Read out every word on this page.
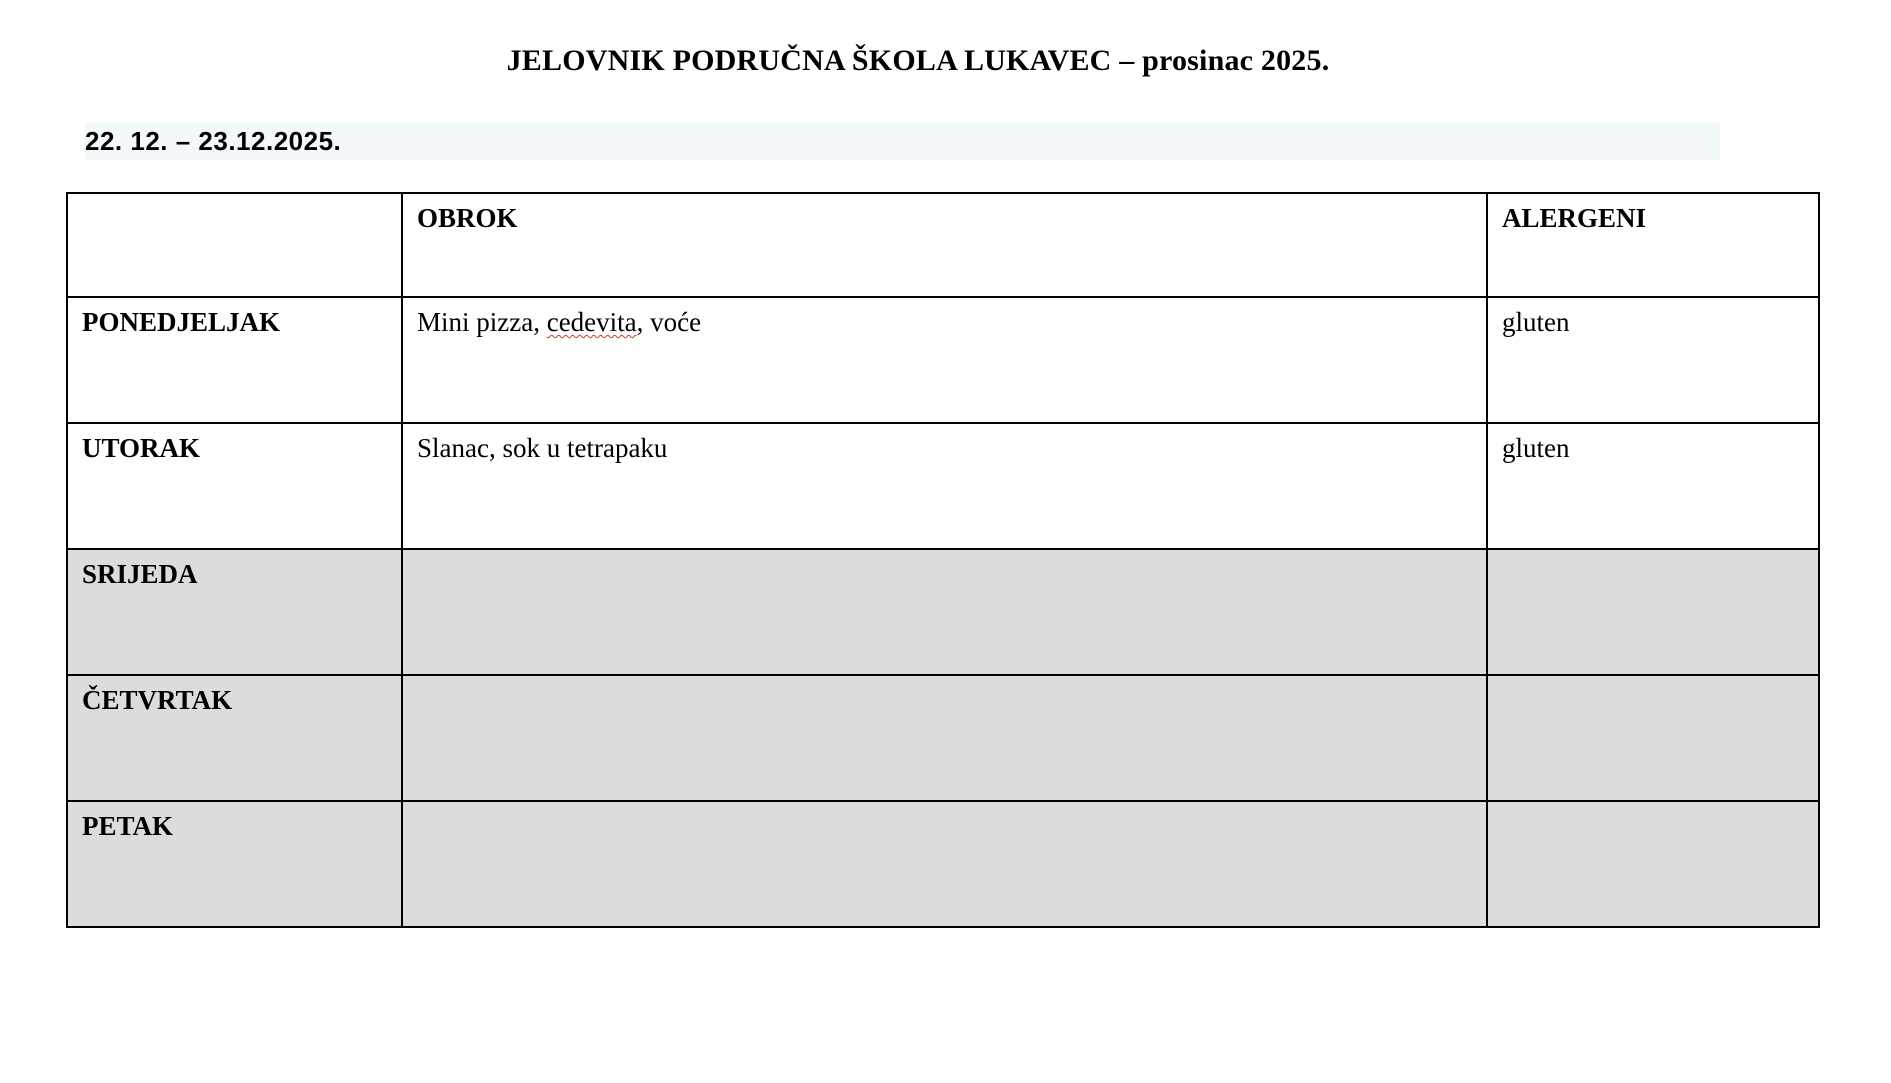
JELOVNIK PODRUČNA ŠKOLA LUKAVEC – prosinac 2025.
22. 12. – 23.12.2025.
	OBROK	ALERGENI
PONEDJELJAK	Mini pizza, cedevita, voće	gluten
UTORAK	Slanac, sok u tetrapaku	gluten
SRIJEDA		
ČETVRTAK		
PETAK		
